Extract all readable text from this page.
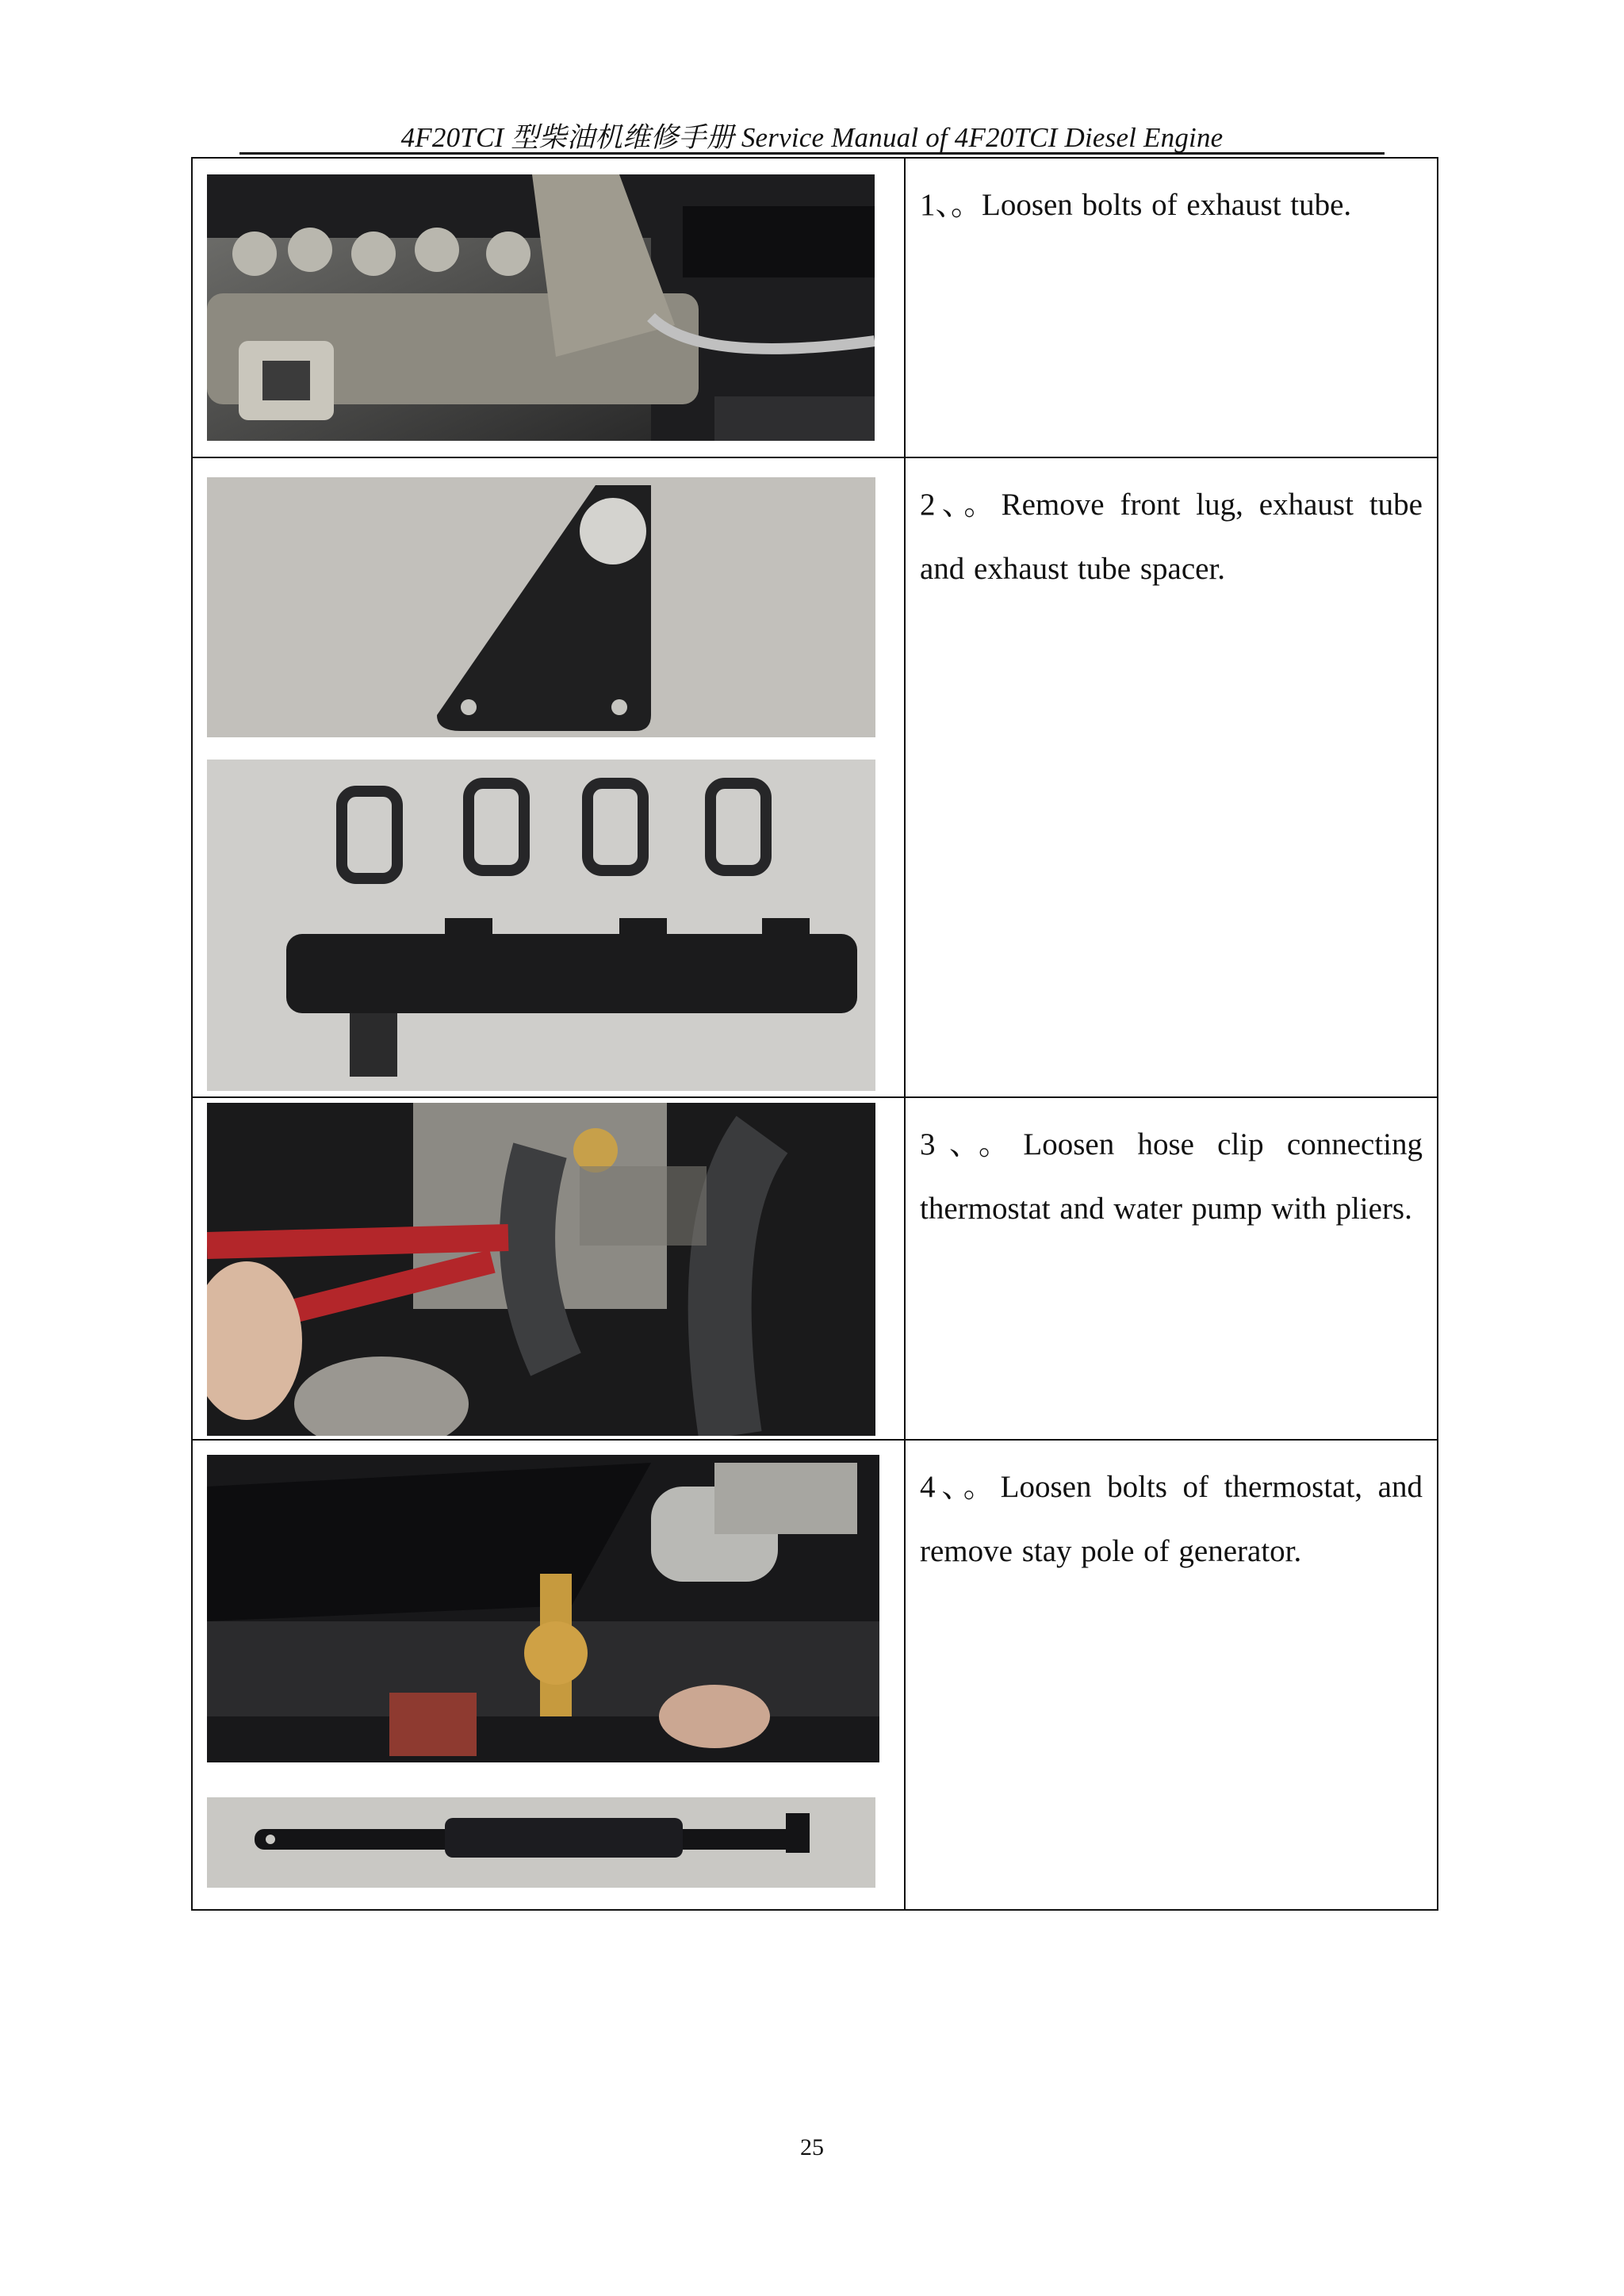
4F20TCI 型柴油机维修手册 Service Manual of 4F20TCI Diesel Engine

1、。Loosen bolts of exhaust tube.

2、。Remove front lug, exhaust tube and exhaust tube spacer.

3、。Loosen hose clip connecting thermostat and water pump with pliers.

4、。Loosen bolts of thermostat, and remove stay pole of generator.
25
